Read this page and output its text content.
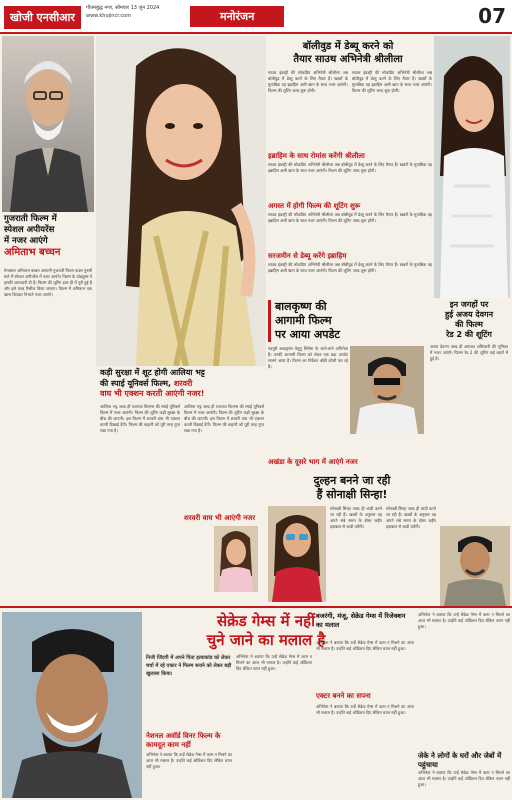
खोजी एनसीआर
गौतमबुद्ध नगर, सोमवार 13 जून 2024
www.khojincr.com	मनोरंजन	07
गुजराती फिल्म में
स्पेशल अपीयरेंस
में नजर आएंगे
अमिताभ बच्चन
मेगास्टार अमिताभ बच्चन आगामी गुजराती फिल्म फक्त पुरुषों माटे में स्पेशल अपीयरेंस में नजर आएंगे। फिल्म के प्रोड्यूसर ने इसकी जानकारी दी है। फिल्म की शूटिंग हाल ही में पूरी हुई है और इसे जल्द रिलीज किया जाएगा। फिल्म में अमिताभ एक खास किरदार निभाते नजर आएंगे।
कड़ी सुरक्षा में शूट होगी आलिया भट्ट
की स्पाई यूनिवर्स फिल्म, शरवरी
वाघ भी एक्शन करती आएंगी नजर!
आलिया भट्ट जल्द ही यशराज फिल्म्स की स्पाई यूनिवर्स फिल्म में नजर आएंगी। फिल्म की शूटिंग कड़ी सुरक्षा के बीच की जाएगी। इस फिल्म में शरवरी वाघ भी एक्शन करती दिखाई देंगी। फिल्म की कहानी को पूरी तरह गुप्त रखा गया है।
आलिया भट्ट जल्द ही यशराज फिल्म्स की स्पाई यूनिवर्स फिल्म में नजर आएंगी। फिल्म की शूटिंग कड़ी सुरक्षा के बीच की जाएगी। इस फिल्म में शरवरी वाघ भी एक्शन करती दिखाई देंगी। फिल्म की कहानी को पूरी तरह गुप्त रखा गया है।
शरवरी वाघ भी आएंगी नजर
बॉलीवुड में डेब्यू करने को
तैयार साउथ अभिनेत्री श्रीलीला
साउथ इंडस्ट्री की लोकप्रिय अभिनेत्री श्रीलीला अब बॉलीवुड में डेब्यू करने के लिए तैयार हैं। खबरों के मुताबिक वह इब्राहिम अली खान के साथ नजर आएंगी। फिल्म की शूटिंग जल्द शुरू होगी।
साउथ इंडस्ट्री की लोकप्रिय अभिनेत्री श्रीलीला अब बॉलीवुड में डेब्यू करने के लिए तैयार हैं। खबरों के मुताबिक वह इब्राहिम अली खान के साथ नजर आएंगी। फिल्म की शूटिंग जल्द शुरू होगी।
इब्राहिम के साथ रोमांस करेंगी श्रीलीला
साउथ इंडस्ट्री की लोकप्रिय अभिनेत्री श्रीलीला अब बॉलीवुड में डेब्यू करने के लिए तैयार हैं। खबरों के मुताबिक वह इब्राहिम अली खान के साथ नजर आएंगी। फिल्म की शूटिंग जल्द शुरू होगी।
अगस्त में होगी फिल्म की शूटिंग शुरू
साउथ इंडस्ट्री की लोकप्रिय अभिनेत्री श्रीलीला अब बॉलीवुड में डेब्यू करने के लिए तैयार हैं। खबरों के मुताबिक वह इब्राहिम अली खान के साथ नजर आएंगी। फिल्म की शूटिंग जल्द शुरू होगी।
सरजमीन से डेब्यू करेंगे इब्राहिम
साउथ इंडस्ट्री की लोकप्रिय अभिनेत्री श्रीलीला अब बॉलीवुड में डेब्यू करने के लिए तैयार हैं। खबरों के मुताबिक वह इब्राहिम अली खान के साथ नजर आएंगी। फिल्म की शूटिंग जल्द शुरू होगी।
बालकृष्ण की
आगामी फिल्म
पर आया अपडेट
नंदमुरी बालकृष्ण तेलुगु सिनेमा के जाने-माने अभिनेता हैं। उनकी आगामी फिल्म को लेकर एक बड़ा अपडेट सामने आया है। फिल्म का निर्देशन बॉबी कोली कर रहे हैं।
अखंडा के दूसरे भाग में आएंगे नजर
इन जगहों पर
हुई अजय देवगन
की फिल्म
रेड 2 की शूटिंग
अजय देवगन जल्द ही आयकर अधिकारी की भूमिका में नजर आएंगे। फिल्म रेड 2 की शूटिंग कई शहरों में हुई है।
दुल्हन बनने जा रही
हैं सोनाक्षी सिन्हा!
सोनाक्षी सिन्हा जल्द ही शादी करने जा रही हैं। खबरों के अनुसार वह अपने लंबे समय के दोस्त जहीर इकबाल से शादी करेंगी।
सोनाक्षी सिन्हा जल्द ही शादी करने जा रही हैं। खबरों के अनुसार वह अपने लंबे समय के दोस्त जहीर इकबाल से शादी करेंगी।
सेक्रेड गेम्स में नहीं
चुने जाने का मलाल है
निजी जिंदगी में अपने पिता हत्याकांड को लेकर चर्चा में रहे एक्टर ने फिल्म बनाने को लेकर बड़ी खुलासा किया।
नेशनल अवॉर्ड विनर फिल्म के कामदूत काम नहीं
अभिनेता ने बताया कि उन्हें सेक्रेड गेम्स में काम न मिलने का आज भी मलाल है। उन्होंने कई ऑडिशन दिए लेकिन चयन नहीं हुआ।
अभिनेता ने बताया कि उन्हें सेक्रेड गेम्स में काम न मिलने का आज भी मलाल है। उन्होंने कई ऑडिशन दिए लेकिन चयन नहीं हुआ।
बजरंगी, मंजू, सेक्रेड गेम्स में रिजेक्शन का मलाल
अभिनेता ने बताया कि उन्हें सेक्रेड गेम्स में काम न मिलने का आज भी मलाल है। उन्होंने कई ऑडिशन दिए लेकिन चयन नहीं हुआ।
एक्टर बनने का सपना
अभिनेता ने बताया कि उन्हें सेक्रेड गेम्स में काम न मिलने का आज भी मलाल है। उन्होंने कई ऑडिशन दिए लेकिन चयन नहीं हुआ।
अभिनेता ने बताया कि उन्हें सेक्रेड गेम्स में काम न मिलने का आज भी मलाल है। उन्होंने कई ऑडिशन दिए लेकिन चयन नहीं हुआ।
जेके ने लोगों के घरों और जेबों में पहुंचाया
अभिनेता ने बताया कि उन्हें सेक्रेड गेम्स में काम न मिलने का आज भी मलाल है। उन्होंने कई ऑडिशन दिए लेकिन चयन नहीं हुआ।
